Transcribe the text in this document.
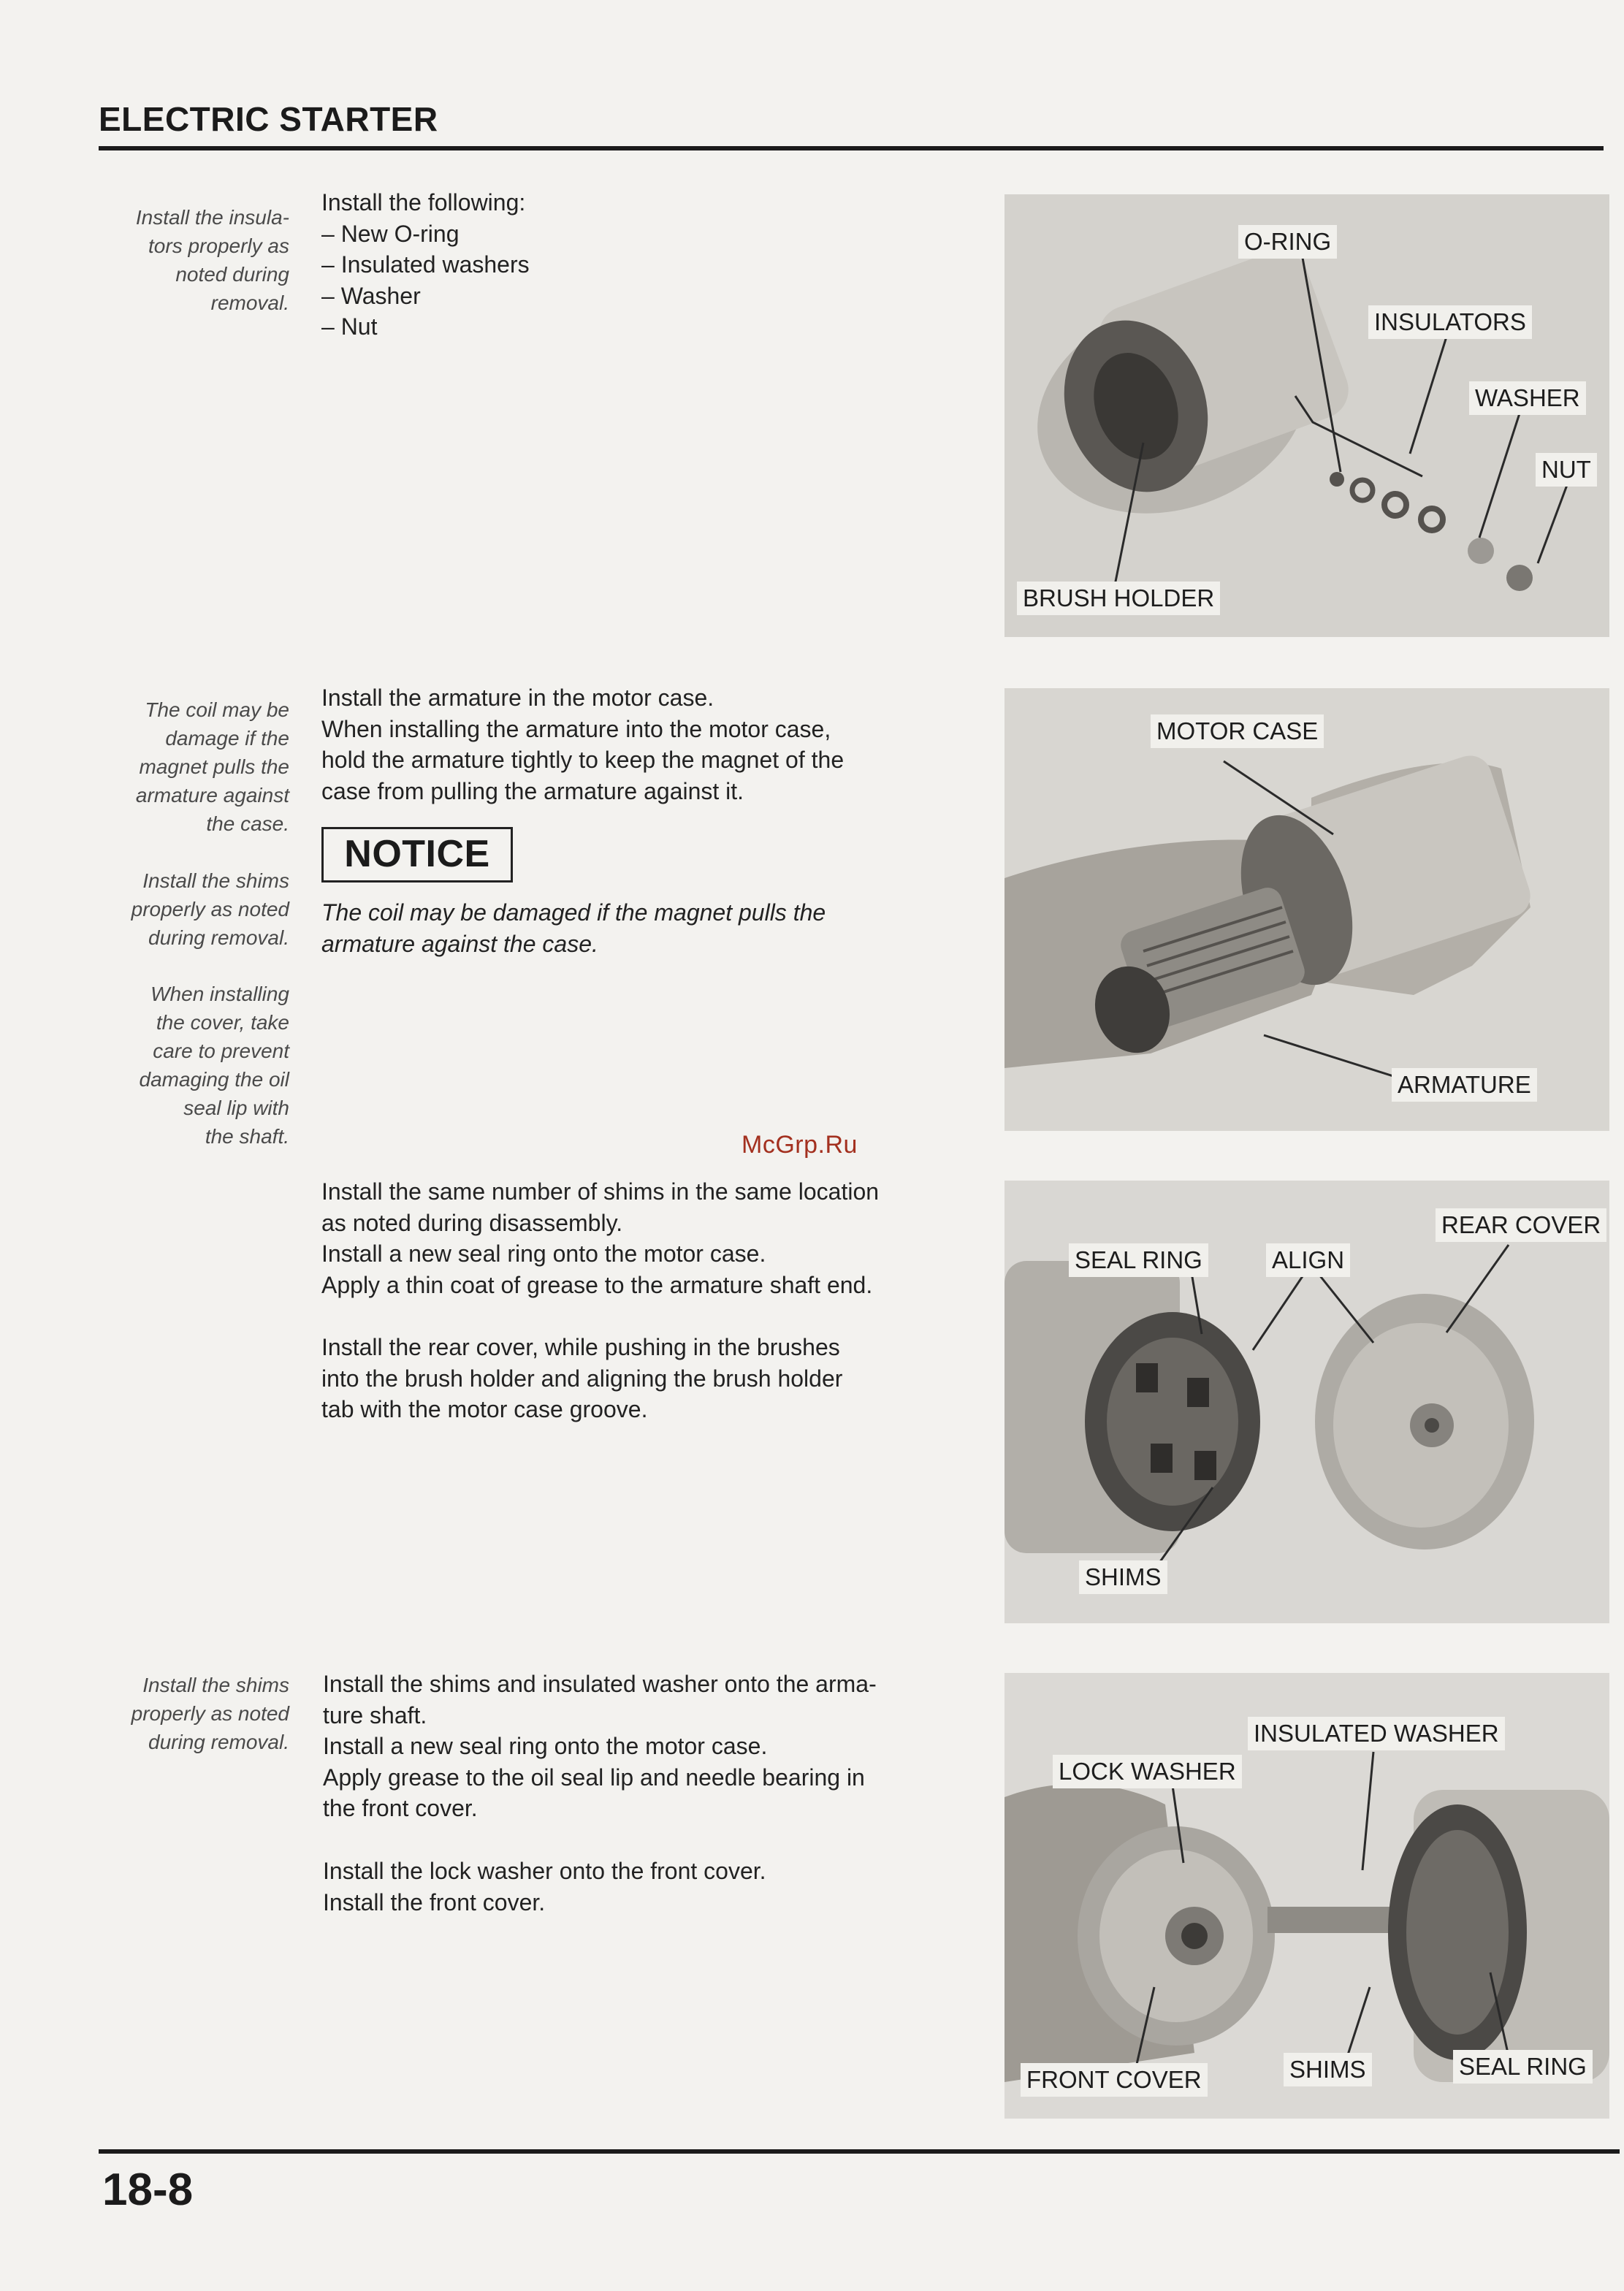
ELECTRIC STARTER
Install the insula-
tors properly as
noted during
removal.
Install the following:
– New O-ring
– Insulated washers
– Washer
– Nut
O-RING
INSULATORS
WASHER
NUT
BRUSH HOLDER
The coil may be
damage if the
magnet pulls the
armature against
the case.
Install the shims
properly as noted
during removal.
When installing
the cover, take
care to prevent
damaging the oil
seal lip with
the shaft.
Install the armature in the motor case.
When installing the armature into the motor case,
hold the armature tightly to keep the magnet of the
case from pulling the armature against it.
NOTICE
The coil may be damaged if the magnet pulls the
armature against the case.
MOTOR CASE
ARMATURE
McGrp.Ru
Install the same number of shims in the same location
as noted during disassembly.
Install a new seal ring onto the motor case.
Apply a thin coat of grease to the armature shaft end.
Install the rear cover, while pushing in the brushes
into the brush holder and aligning the brush holder
tab with the motor case groove.
SEAL RING	ALIGN
REAR COVER
SHIMS
Install the shims
properly as noted
during removal.
Install the shims and insulated washer onto the arma-
ture shaft.
Install a new seal ring onto the motor case.
Apply grease to the oil seal lip and needle bearing in
the front cover.
Install the lock washer onto the front cover.
Install the front cover.
INSULATED WASHER
LOCK WASHER
FRONT COVER	SHIMS	SEAL RING
18-8
